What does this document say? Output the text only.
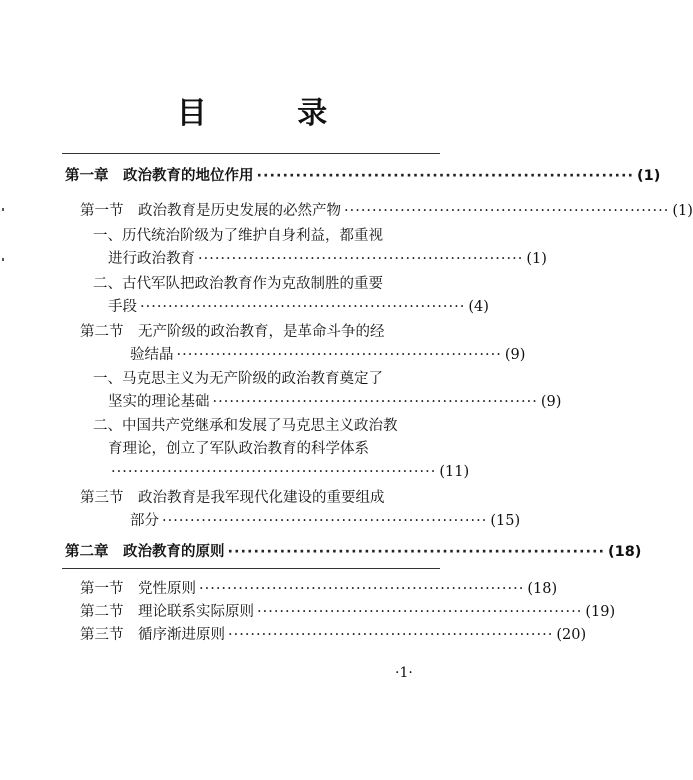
目 录
第一章　政治教育的地位作用 ·························································· (1)
第一节　政治教育是历史发展的必然产物 ·························································· (1)
一、历代统治阶级为了维护自身利益，都重视
进行政治教育 ·························································· (1)
二、古代军队把政治教育作为克敌制胜的重要
手段 ·························································· (4)
第二节　无产阶级的政治教育，是革命斗争的经
验结晶 ·························································· (9)
一、马克思主义为无产阶级的政治教育奠定了
坚实的理论基础 ·························································· (9)
二、中国共产党继承和发展了马克思主义政治教
育理论，创立了军队政治教育的科学体系
·························································· (11)
第三节　政治教育是我军现代化建设的重要组成
部分 ·························································· (15)
第二章　政治教育的原则 ·························································· (18)
第一节　党性原则 ·························································· (18)
第二节　理论联系实际原则 ·························································· (19)
第三节　循序渐进原则 ·························································· (20)
·1·
